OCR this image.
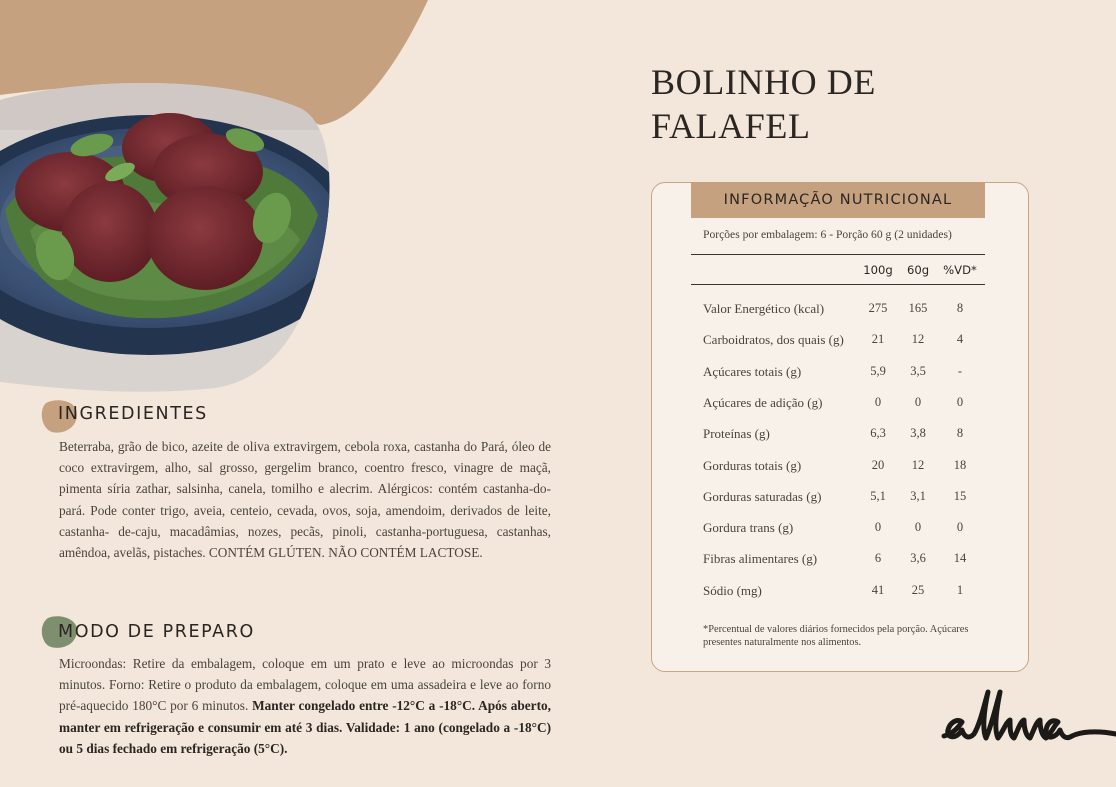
INGREDIENTES
Beterraba, grão de bico, azeite de oliva extravirgem, cebola roxa, castanha do Pará, óleo de coco extravirgem, alho, sal grosso, gergelim branco, coentro fresco, vinagre de maçã, pimenta síria zathar, salsinha, canela, tomilho e alecrim. Alérgicos: contém castanha-do-pará. Pode conter trigo, aveia, centeio, cevada, ovos, soja, amendoim, derivados de leite, castanha- de-caju, macadâmias, nozes, pecãs, pinoli, castanha-portuguesa, castanhas, amêndoa, avelãs, pistaches. CONTÉM GLÚTEN. NÃO CONTÉM LACTOSE.
MODO DE PREPARO
Microondas: Retire da embalagem, coloque em um prato e leve ao microondas por 3 minutos. Forno: Retire o produto da embalagem, coloque em uma assadeira e leve ao forno pré-aquecido 180°C por 6 minutos. Manter congelado entre -12°C a -18°C. Após aberto, manter em refrigeração e consumir em até 3 dias. Validade: 1 ano (congelado a -18°C) ou 5 dias fechado em refrigeração (5°C).
BOLINHO DE FALAFEL
INFORMAÇÃO NUTRICIONAL
Porções por embalagem: 6 - Porção 60 g (2 unidades)
100g 60g %VD*
Valor Energético (kcal)	275 165 8
Carboidratos, dos quais (g) 21 12	4
Açúcares totais (g)	5,9 3,5	-
Açúcares de adição (g)	0	0	0
Proteínas (g)	6,3 3,8 8
Gorduras totais (g)	20 12 18
Gorduras saturadas (g)	5,1 3,1 15
Gordura trans (g)	0	0	0
Fibras alimentares (g)	6 3,6 14
Sódio (mg)	41 25	1
*Percentual de valores diários fornecidos pela porção. Açúcares presentes naturalmente nos alimentos.
